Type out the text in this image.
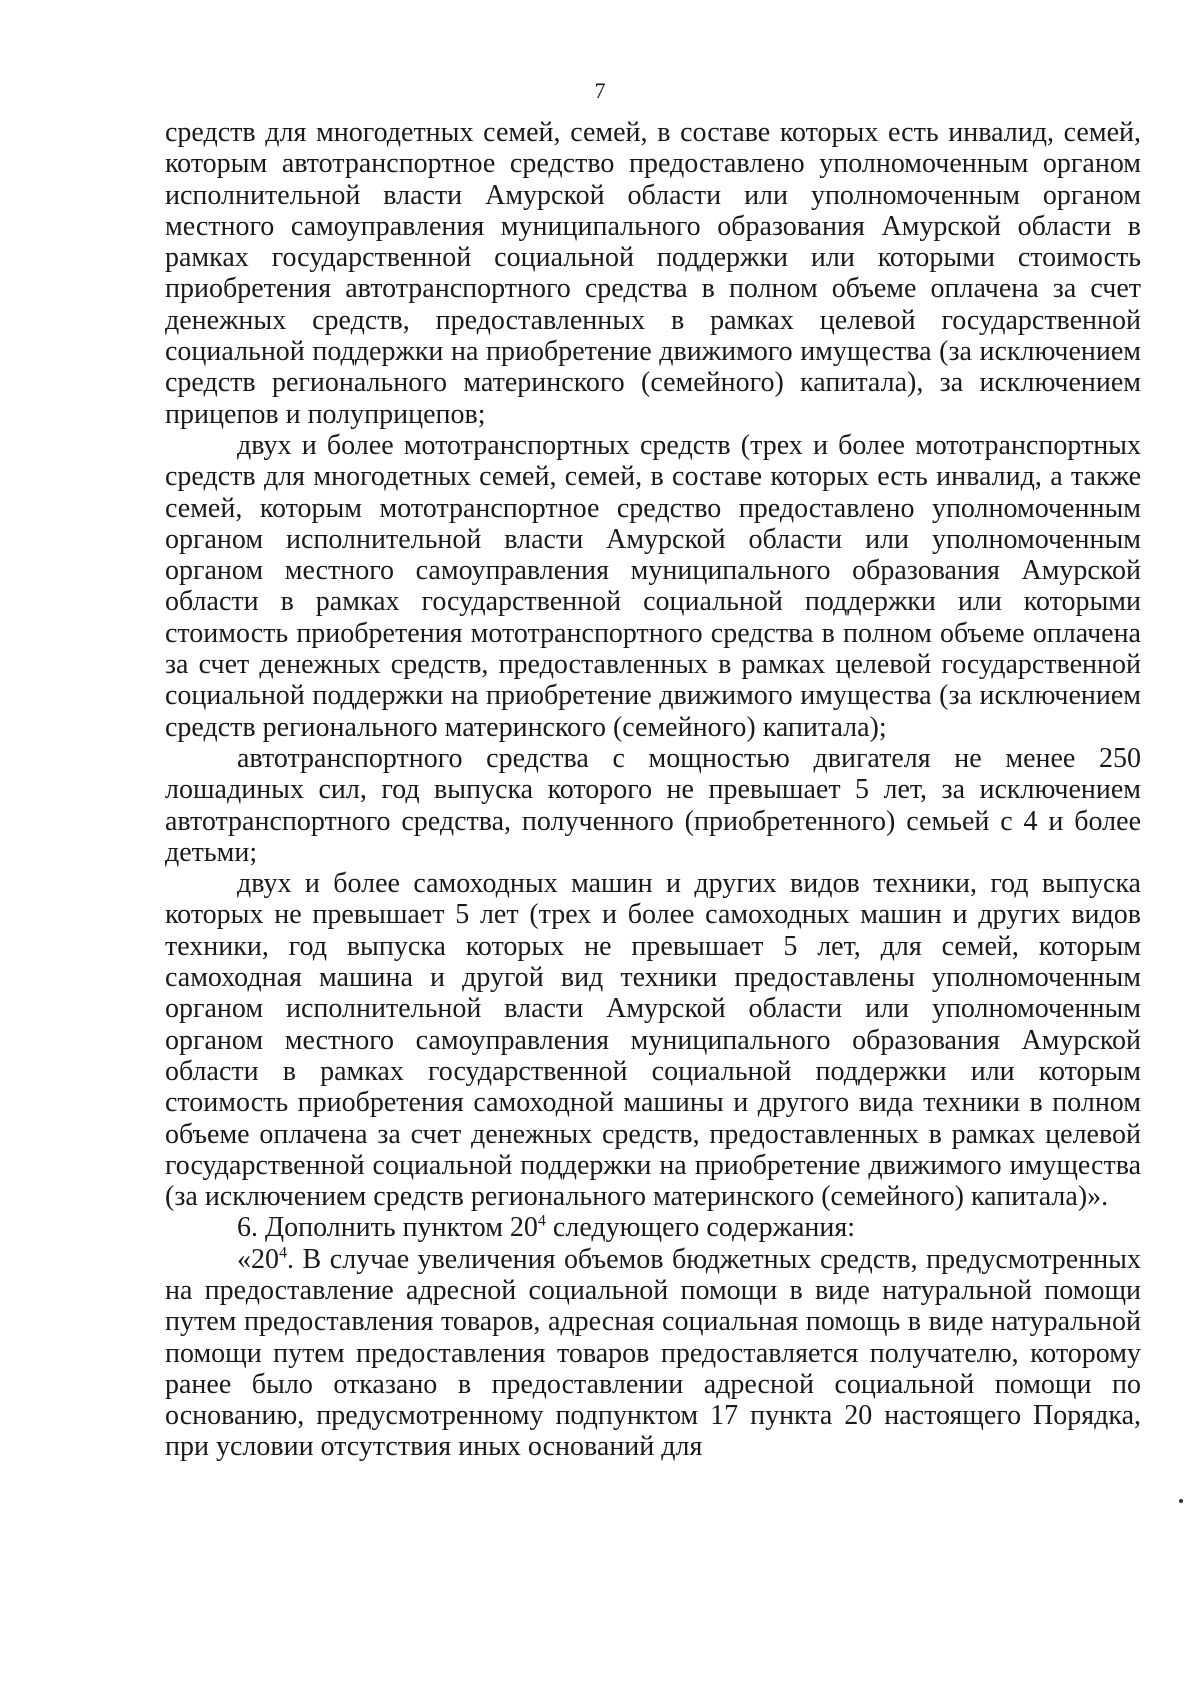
7

средств для многодетных семей, семей, в составе которых есть инвалид, семей, которым автотранспортное средство предоставлено уполномоченным органом исполнительной власти Амурской области или уполномоченным органом местного самоуправления муниципального образования Амурской области в рамках государственной социальной поддержки или которыми стоимость приобретения автотранспортного средства в полном объеме оплачена за счет денежных средств, предоставленных в рамках целевой государственной социальной поддержки на приобретение движимого имущества (за исключением средств регионального материнского (семейного) капитала), за исключением прицепов и полуприцепов;

двух и более мототранспортных средств (трех и более мототранспортных средств для многодетных семей, семей, в составе которых есть инвалид, а также семей, которым мототранспортное средство предоставлено уполномоченным органом исполнительной власти Амурской области или уполномоченным органом местного самоуправления муниципального образования Амурской области в рамках государственной социальной поддержки или которыми стоимость приобретения мототранспортного средства в полном объеме оплачена за счет денежных средств, предоставленных в рамках целевой государственной социальной поддержки на приобретение движимого имущества (за исключением средств регионального материнского (семейного) капитала);

автотранспортного средства с мощностью двигателя не менее 250 лошадиных сил, год выпуска которого не превышает 5 лет, за исключением автотранспортного средства, полученного (приобретенного) семьей с 4 и более детьми;

двух и более самоходных машин и других видов техники, год выпуска которых не превышает 5 лет (трех и более самоходных машин и других видов техники, год выпуска которых не превышает 5 лет, для семей, которым самоходная машина и другой вид техники предоставлены уполномоченным органом исполнительной власти Амурской области или уполномоченным органом местного самоуправления муниципального образования Амурской области в рамках государственной социальной поддержки или которым стоимость приобретения самоходной машины и другого вида техники в полном объеме оплачена за счет денежных средств, предоставленных в рамках целевой государственной социальной поддержки на приобретение движимого имущества (за исключением средств регионального материнского (семейного) капитала)».

6. Дополнить пунктом $20^4$ следующего содержания:

«$20^4$. В случае увеличения объемов бюджетных средств, предусмотренных на предоставление адресной социальной помощи в виде натуральной помощи путем предоставления товаров, адресная социальная помощь в виде натуральной помощи путем предоставления товаров предоставляется получателю, которому ранее было отказано в предоставлении адресной социальной помощи по основанию, предусмотренному подпунктом 17 пункта 20 настоящего Порядка, при условии отсутствия иных оснований для
